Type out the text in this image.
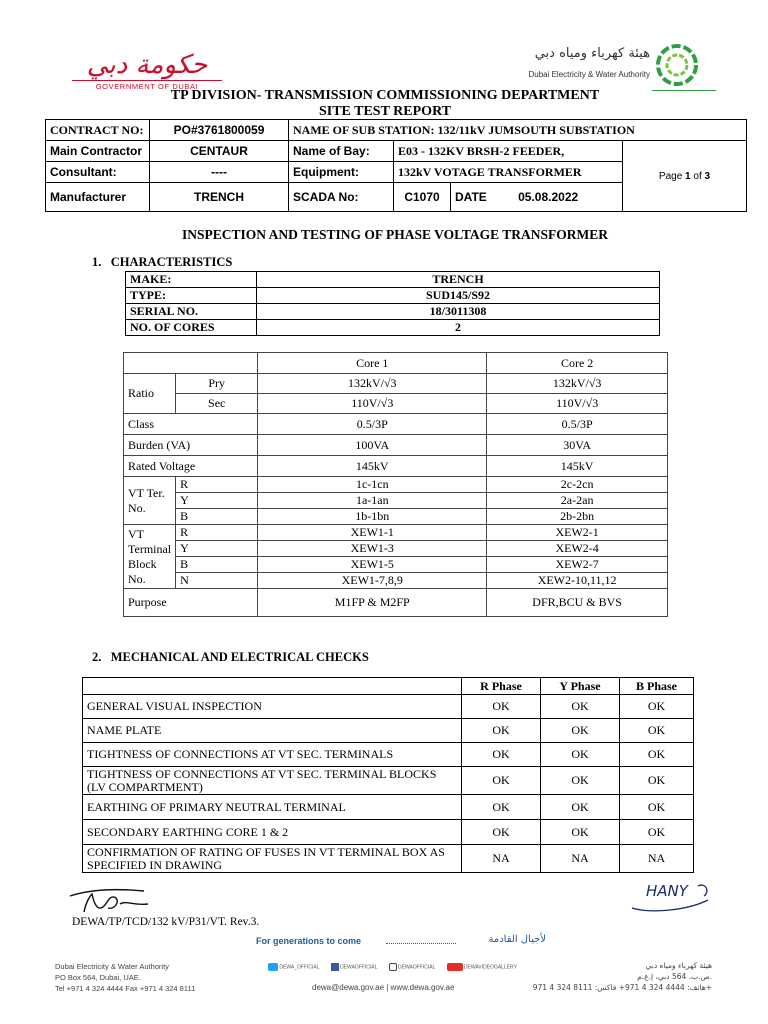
حكومة دبي
GOVERNMENT OF DUBAI
هيئة كهرباء ومياه دبي
Dubai Electricity & Water Authority
TP DIVISION- TRANSMISSION COMMISSIONING DEPARTMENT
SITE TEST REPORT
CONTRACT NO:	PO#3761800059	NAME OF SUB STATION: 132/11kV JUMSOUTH SUBSTATION			
Main Contractor	CENTAUR	Name of Bay:	E03 - 132KV BRSH-2 FEEDER,		Page 1 of 3
Consultant:	----	Equipment:	132kV VOTAGE TRANSFORMER		
Manufacturer	TRENCH	SCADA No:	C1070	DATE 05.08.2022	
INSPECTION AND TESTING OF PHASE VOLTAGE TRANSFORMER
1.   CHARACTERISTICS
MAKE:	TRENCH
TYPE:	SUD145/S92
SERIAL NO.	18/3011308
NO. OF CORES	2
		Core 1	Core 2
Ratio	Pry	132kV/√3	132kV/√3
	Sec	110V/√3	110V/√3
Class		0.5/3P	0.5/3P
Burden (VA)		100VA	30VA
Rated Voltage		145kV	145kV
VT Ter. No.	R	1c-1cn	2c-2cn
	Y	1a-1an	2a-2an
	B	1b-1bn	2b-2bn
VT Terminal Block No.	R	XEW1-1	XEW2-1
	Y	XEW1-3	XEW2-4
	B	XEW1-5	XEW2-7
	N	XEW1-7,8,9	XEW2-10,11,12
Purpose		M1FP & M2FP	DFR,BCU & BVS
2.   MECHANICAL AND ELECTRICAL CHECKS
	R Phase	Y Phase	B Phase
GENERAL VISUAL INSPECTION	OK	OK	OK
NAME PLATE	OK	OK	OK
TIGHTNESS OF CONNECTIONS AT VT SEC. TERMINALS	OK	OK	OK
TIGHTNESS OF CONNECTIONS AT VT SEC. TERMINAL BLOCKS (LV COMPARTMENT)	OK	OK	OK
EARTHING OF PRIMARY NEUTRAL TERMINAL	OK	OK	OK
SECONDARY EARTHING CORE 1 & 2	OK	OK	OK
CONFIRMATION OF RATING OF FUSES IN VT TERMINAL BOX AS SPECIFIED IN DRAWING	NA	NA	NA
HANY
DEWA/TP/TCD/132 kV/P31/VT. Rev.3.
For generations to come	لأجيال القادمة
Dubai Electricity & Water Authority
PO Box 564, Dubai, UAE.
Tel +971 4 324 4444 Fax +971 4 324 8111
DEWA_OFFICIAL	DEWAOFFICIAL	DEWAOFFICIAL	DEWAVIDEOGALLERY
dewa@dewa.gov.ae | www.dewa.gov.ae
هيئة كهرباء ومياه دبي
ص.ب. 564 دبي، إ.ع.م.
هاتف: 4444 324 4 971+ فاكس: 8111 324 4 971+
